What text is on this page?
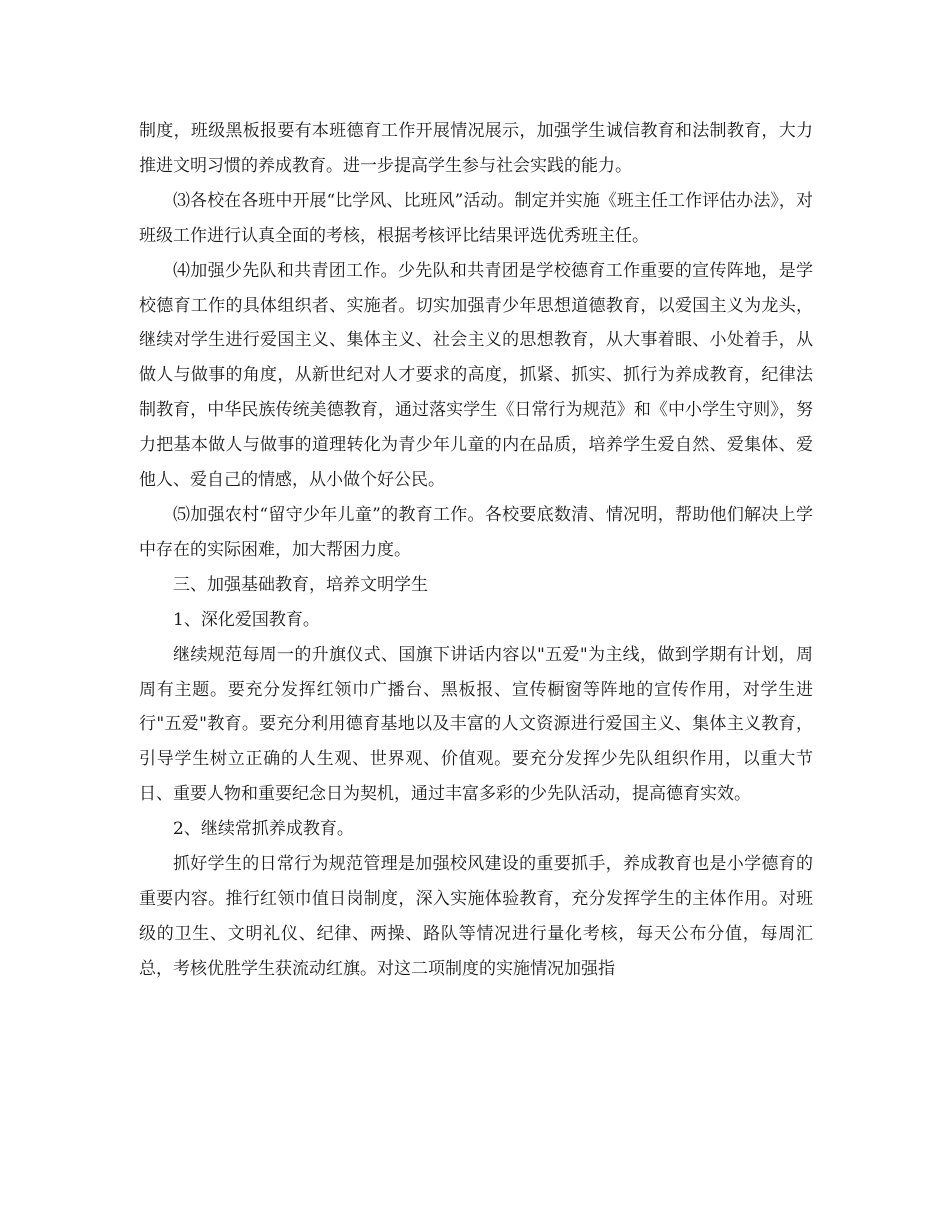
制度，班级黑板报要有本班德育工作开展情况展示，加强学生诚信教育和法制教育，大力推进文明习惯的养成教育。进一步提高学生参与社会实践的能力。

⑶各校在各班中开展“比学风、比班风”活动。制定并实施《班主任工作评估办法》，对班级工作进行认真全面的考核，根据考核评比结果评选优秀班主任。

⑷加强少先队和共青团工作。少先队和共青团是学校德育工作重要的宣传阵地，是学校德育工作的具体组织者、实施者。切实加强青少年思想道德教育，以爱国主义为龙头，继续对学生进行爱国主义、集体主义、社会主义的思想教育，从大事着眼、小处着手，从做人与做事的角度，从新世纪对人才要求的高度，抓紧、抓实、抓行为养成教育，纪律法制教育，中华民族传统美德教育，通过落实学生《日常行为规范》和《中小学生守则》，努力把基本做人与做事的道理转化为青少年儿童的内在品质，培养学生爱自然、爱集体、爱他人、爱自己的情感，从小做个好公民。

⑸加强农村“留守少年儿童”的教育工作。各校要底数清、情况明，帮助他们解决上学中存在的实际困难，加大帮困力度。

三、加强基础教育，培养文明学生

1、深化爱国教育。

继续规范每周一的升旗仪式、国旗下讲话内容以"五爱"为主线，做到学期有计划，周周有主题。要充分发挥红领巾广播台、黑板报、宣传橱窗等阵地的宣传作用，对学生进行"五爱"教育。要充分利用德育基地以及丰富的人文资源进行爱国主义、集体主义教育，引导学生树立正确的人生观、世界观、价值观。要充分发挥少先队组织作用，以重大节日、重要人物和重要纪念日为契机，通过丰富多彩的少先队活动，提高德育实效。

2、继续常抓养成教育。

抓好学生的日常行为规范管理是加强校风建设的重要抓手，养成教育也是小学德育的重要内容。推行红领巾值日岗制度，深入实施体验教育，充分发挥学生的主体作用。对班级的卫生、文明礼仪、纪律、两操、路队等情况进行量化考核，每天公布分值，每周汇总，考核优胜学生获流动红旗。对这二项制度的实施情况加强指
